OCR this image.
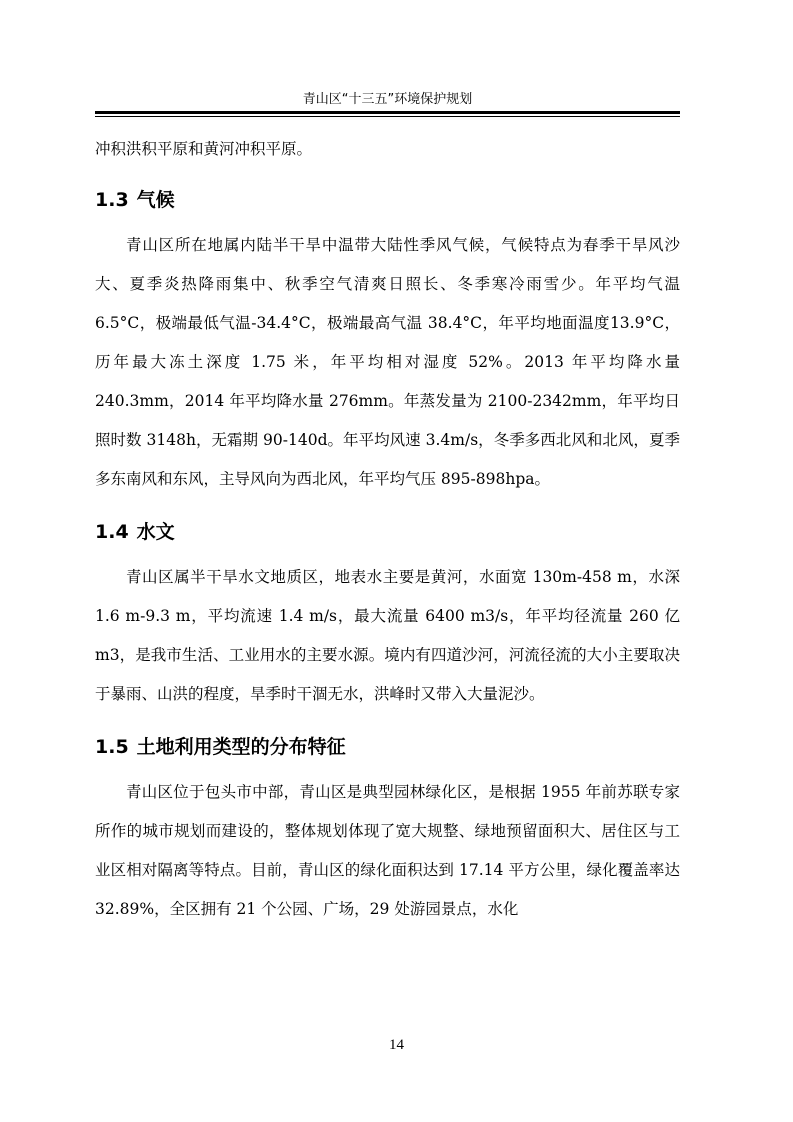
青山区“十三五”环境保护规划

冲积洪积平原和黄河冲积平原。

1.3 气候

青山区所在地属内陆半干旱中温带大陆性季风气候，气候特点为春季干旱风沙大、夏季炎热降雨集中、秋季空气清爽日照长、冬季寒冷雨雪少。年平均气温 6.5°C，极端最低气温-34.4°C，极端最高气温 38.4°C，年平均地面温度13.9°C，历年最大冻土深度 1.75 米，年平均相对湿度 52%。2013 年平均降水量 240.3mm，2014 年平均降水量 276mm。年蒸发量为 2100-2342mm，年平均日照时数 3148h，无霜期 90-140d。年平均风速 3.4m/s，冬季多西北风和北风，夏季多东南风和东风，主导风向为西北风，年平均气压 895-898hpa。

1.4 水文

青山区属半干旱水文地质区，地表水主要是黄河，水面宽 130m-458 m，水深 1.6 m-9.3 m，平均流速 1.4 m/s，最大流量 6400 m3/s，年平均径流量 260 亿 m3，是我市生活、工业用水的主要水源。境内有四道沙河，河流径流的大小主要取决于暴雨、山洪的程度，旱季时干涸无水，洪峰时又带入大量泥沙。

1.5 土地利用类型的分布特征

青山区位于包头市中部，青山区是典型园林绿化区，是根据 1955 年前苏联专家所作的城市规划而建设的，整体规划体现了宽大规整、绿地预留面积大、居住区与工业区相对隔离等特点。目前，青山区的绿化面积达到 17.14 平方公里，绿化覆盖率达 32.89%，全区拥有 21 个公园、广场，29 处游园景点，水化

14
